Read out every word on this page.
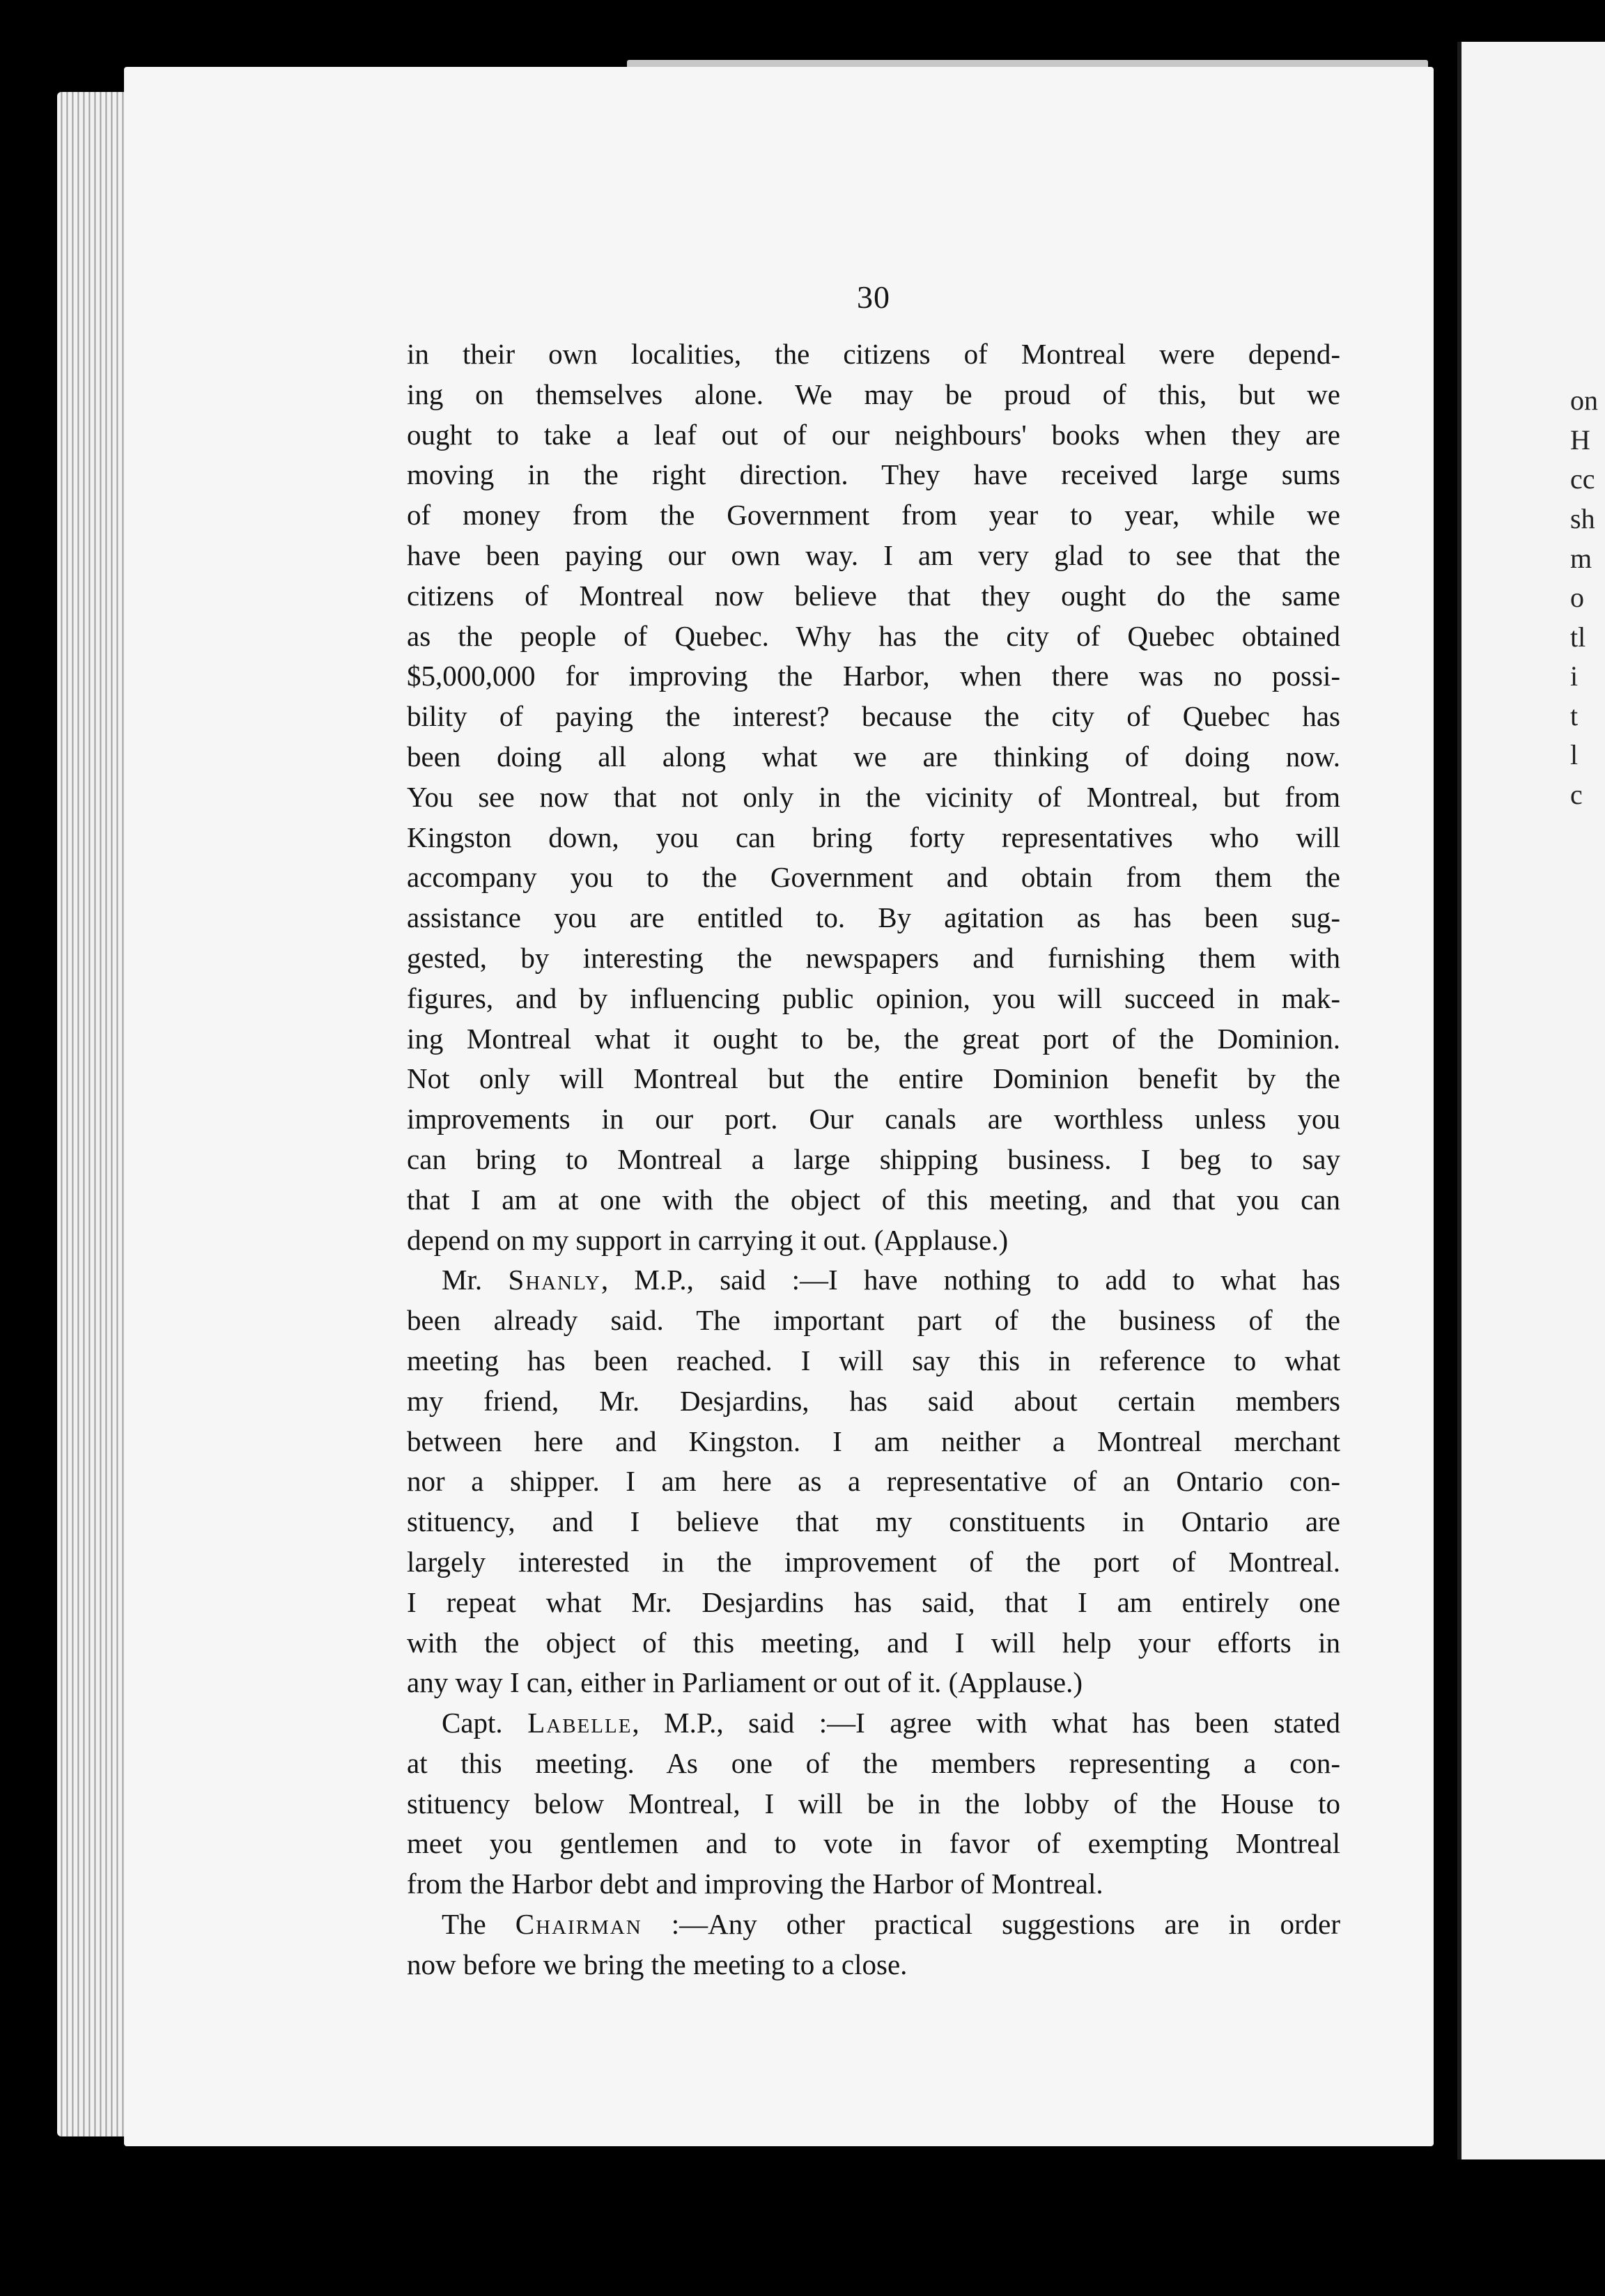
on
H
cc
sh
m
o
tl
i
t
l
c
30
in their own localities, the citizens of Montreal were depend-
ing on themselves alone. We may be proud of this, but we
ought to take a leaf out of our neighbours' books when they are
moving in the right direction. They have received large sums
of money from the Government from year to year, while we
have been paying our own way. I am very glad to see that the
citizens of Montreal now believe that they ought do the same
as the people of Quebec. Why has the city of Quebec obtained
$5,000,000 for improving the Harbor, when there was no possi-
bility of paying the interest? because the city of Quebec has
been doing all along what we are thinking of doing now.
You see now that not only in the vicinity of Montreal, but from
Kingston down, you can bring forty representatives who will
accompany you to the Government and obtain from them the
assistance you are entitled to. By agitation as has been sug-
gested, by interesting the newspapers and furnishing them with
figures, and by influencing public opinion, you will succeed in mak-
ing Montreal what it ought to be, the great port of the Dominion.
Not only will Montreal but the entire Dominion benefit by the
improvements in our port. Our canals are worthless unless you
can bring to Montreal a large shipping business. I beg to say
that I am at one with the object of this meeting, and that you can
depend on my support in carrying it out. (Applause.)
Mr. Shanly, M.P., said :—I have nothing to add to what has
been already said. The important part of the business of the
meeting has been reached. I will say this in reference to what
my friend, Mr. Desjardins, has said about certain members
between here and Kingston. I am neither a Montreal merchant
nor a shipper. I am here as a representative of an Ontario con-
stituency, and I believe that my constituents in Ontario are
largely interested in the improvement of the port of Montreal.
I repeat what Mr. Desjardins has said, that I am entirely one
with the object of this meeting, and I will help your efforts in
any way I can, either in Parliament or out of it. (Applause.)
Capt. Labelle, M.P., said :—I agree with what has been stated
at this meeting. As one of the members representing a con-
stituency below Montreal, I will be in the lobby of the House to
meet you gentlemen and to vote in favor of exempting Montreal
from the Harbor debt and improving the Harbor of Montreal.
The Chairman :—Any other practical suggestions are in order
now before we bring the meeting to a close.
